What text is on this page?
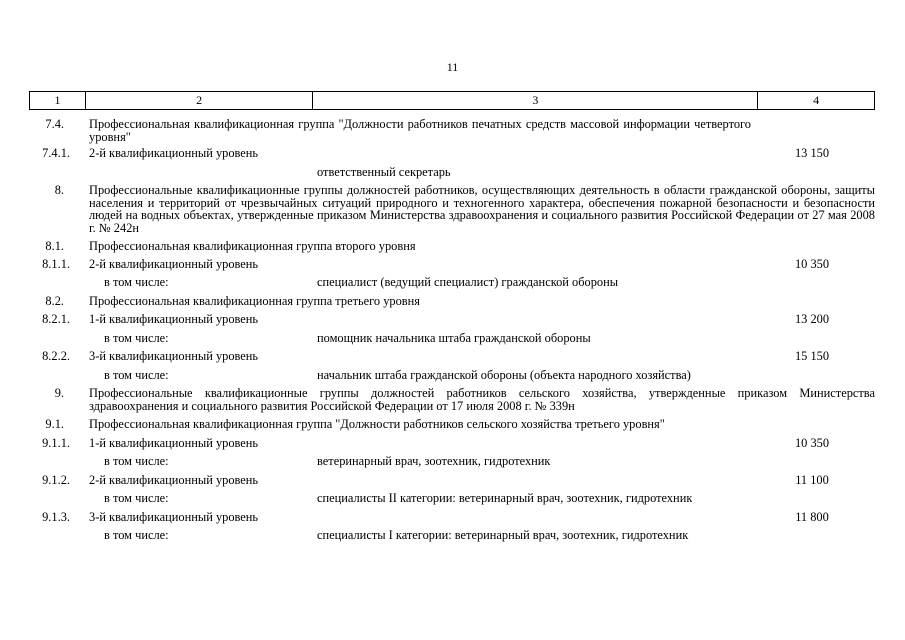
11
1	2	3	4
7.4. Профессиональная квалификационная группа "Должности работников печатных средств массовой информации четвертого уровня"
7.4.1. 2-й квалификационный уровень	13 150
ответственный секретарь
8. Профессиональные квалификационные группы должностей работников, осуществляющих деятельность в области гражданской обороны, защиты населения и территорий от чрезвычайных ситуаций природного и техногенного характера, обеспечения пожарной безопасности и безопасности людей на водных объектах, утвержденные приказом Министерства здравоохранения и социального развития Российской Федерации от 27 мая 2008 г. № 242н
8.1. Профессиональная квалификационная группа второго уровня
8.1.1. 2-й квалификационный уровень	10 350
в том числе:	специалист (ведущий специалист) гражданской обороны
8.2. Профессиональная квалификационная группа третьего уровня
8.2.1. 1-й квалификационный уровень	13 200
в том числе:	помощник начальника штаба гражданской обороны
8.2.2. 3-й квалификационный уровень	15 150
в том числе:	начальник штаба гражданской обороны (объекта народного хозяйства)
9. Профессиональные квалификационные группы должностей работников сельского хозяйства, утвержденные приказом Министерства здравоохранения и социального развития Российской Федерации от 17 июля 2008 г. № 339н
9.1. Профессиональная квалификационная группа "Должности работников сельского хозяйства третьего уровня"
9.1.1. 1-й квалификационный уровень	10 350
в том числе:	ветеринарный врач, зоотехник, гидротехник
9.1.2. 2-й квалификационный уровень	11 100
в том числе:	специалисты II категории: ветеринарный врач, зоотехник, гидротехник
9.1.3. 3-й квалификационный уровень	11 800
в том числе:	специалисты I категории: ветеринарный врач, зоотехник, гидротехник
